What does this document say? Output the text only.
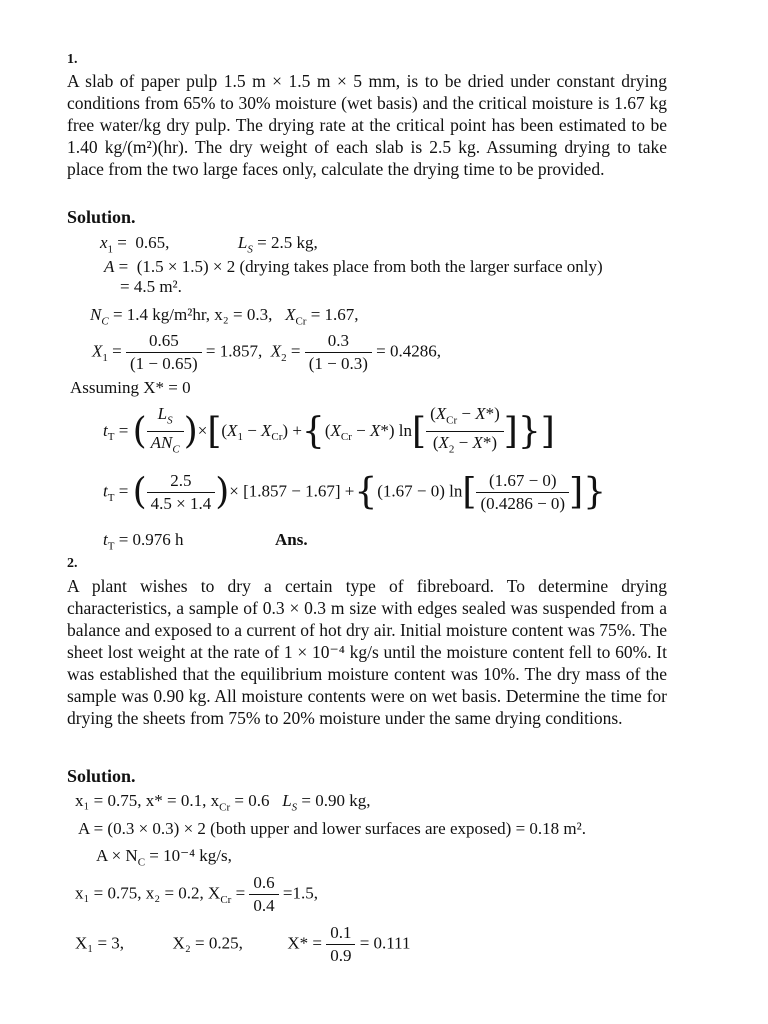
1.
A slab of paper pulp 1.5 m × 1.5 m × 5 mm, is to be dried under constant drying conditions from 65% to 30% moisture (wet basis) and the critical moisture is 1.67 kg free water/kg dry pulp. The drying rate at the critical point has been estimated to be 1.40 kg/(m²)(hr). The dry weight of each slab is 2.5 kg. Assuming drying to take place from the two large faces only, calculate the drying time to be provided.
Solution.
$x_1 = 0.65$,	$L_S = 2.5$ kg,
A =  (1.5 × 1.5) × 2 (drying takes place from both the larger surface only)
= 4.5 m².
$N_C = 1.4$ kg/m²hr, x₂ = 0.3, $X_{Cr} = 1.67$,
$X_1 = \frac{0.65}{(1 - 0.65)} = 1.857$, $X_2 = \frac{0.3}{(1 - 0.3)} = 0.4286$,
Assuming X* = 0
$t_T$ = ( $\frac{L_S}{AN_C} )\times[(X_1 - X_{Cr}) +\{(X_{Cr} - X*)$ $\ln[ \frac{(X_{Cr} - X*)}{(X_2 - X*)}$ ]}]
$t_T$ = ( $\frac{2.5}{4.5 \times 1.4}$ )× [1.857 − 1.67] +{(1.67 − 0) $\ln[ \frac{(1.67 - 0)}{(0.4286 - 0)}$ ]}
$t_T = 0.976$ h	Ans.
2.
A plant wishes to dry a certain type of fibreboard. To determine drying characteristics, a sample of 0.3 × 0.3 m size with edges sealed was suspended from a balance and exposed to a current of hot dry air. Initial moisture content was 75%. The sheet lost weight at the rate of 1 × 10⁻⁴ kg/s until the moisture content fell to 60%. It was established that the equilibrium moisture content was 10%. The dry mass of the sample was 0.90 kg. All moisture contents were on wet basis. Determine the time for drying the sheets from 75% to 20% moisture under the same drying conditions.
Solution.
x₁ = 0.75, x* = 0.1, $x_{Cr} = 0.6$ $L_S = 0.90$ kg,
A = (0.3 × 0.3) × 2 (both upper and lower surfaces are exposed) = 0.18 m².
$A \times N_C = 10^{-4}$ kg/s,
x₁ = 0.75, x₂ = 0.2, $X_{Cr} = \frac{0.6}{0.4} =1.5$,
X₁ = 3,	X₂ = 0.25,	$X* = \frac{0.1}{0.9} = 0.111$
